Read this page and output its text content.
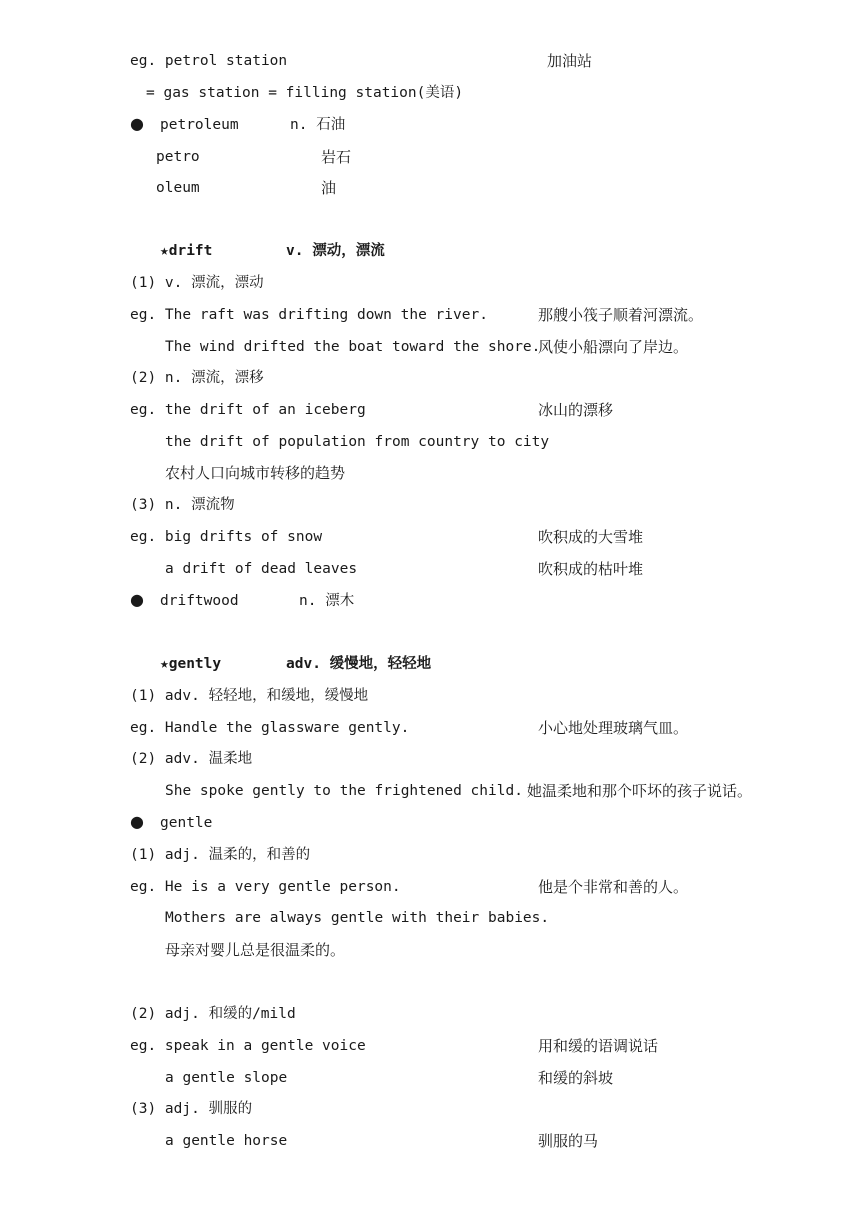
eg. petrol station	加油站
= gas station = filling station(美语)
● petroleum	n. 石油
petro	岩石
oleum	油
★drift	v. 漂动，漂流
(1) v. 漂流，漂动
eg. The raft was drifting down the river.	那艘小筏子顺着河漂流。
The wind drifted the boat toward the shore.
风使小船漂向了岸边。
(2) n. 漂流，漂移
eg. the drift of an iceberg	冰山的漂移
the drift of population from country to city
农村人口向城市转移的趋势
(3) n. 漂流物
eg. big drifts of snow	吹积成的大雪堆
a drift of dead leaves	吹积成的枯叶堆
● driftwood	n. 漂木
★gently	adv. 缓慢地，轻轻地
(1) adv. 轻轻地，和缓地，缓慢地
eg. Handle the glassware gently.	小心地处理玻璃气皿。
(2) adv. 温柔地
She spoke gently to the frightened child. 她温柔地和那个吓坏的孩子说话。
● gentle
(1) adj. 温柔的，和善的
eg. He is a very gentle person.	他是个非常和善的人。
Mothers are always gentle with their babies.
母亲对婴儿总是很温柔的。
(2) adj. 和缓的/mild
eg. speak in a gentle voice	用和缓的语调说话
a gentle slope	和缓的斜坡
(3) adj. 驯服的
a gentle horse	驯服的马
